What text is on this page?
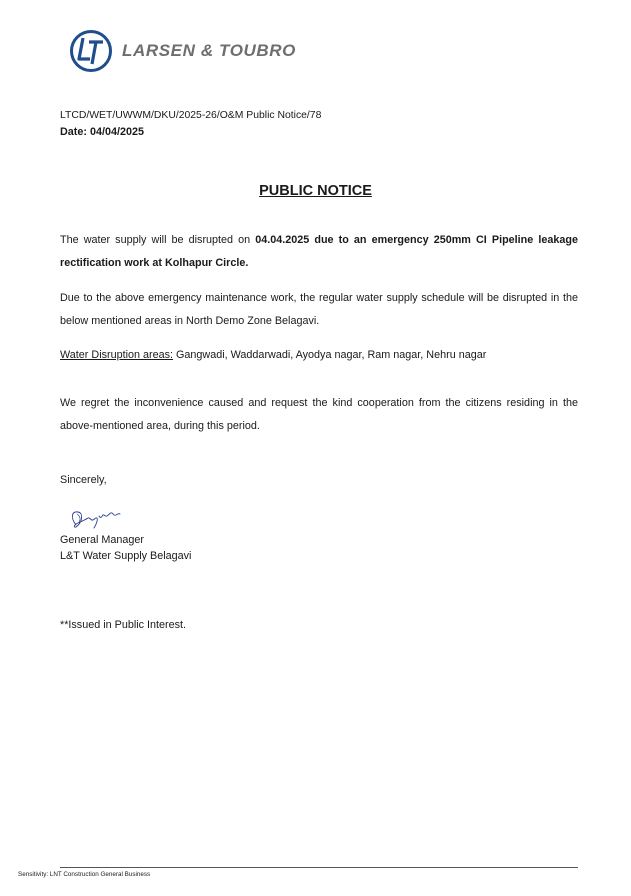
LARSEN & TOUBRO
LTCD/WET/UWWM/DKU/2025-26/O&M Public Notice/78
Date: 04/04/2025
PUBLIC NOTICE
The water supply will be disrupted on 04.04.2025 due to an emergency 250mm CI Pipeline leakage rectification work at Kolhapur Circle.
Due to the above emergency maintenance work, the regular water supply schedule will be disrupted in the below mentioned areas in North Demo Zone Belagavi.
Water Disruption areas: Gangwadi, Waddarwadi, Ayodya nagar, Ram nagar, Nehru nagar
We regret the inconvenience caused and request the kind cooperation from the citizens residing in the above-mentioned area, during this period.
Sincerely,
General Manager
L&T Water Supply Belagavi
**Issued in Public Interest.
Sensitivity: LNT Construction General Business
